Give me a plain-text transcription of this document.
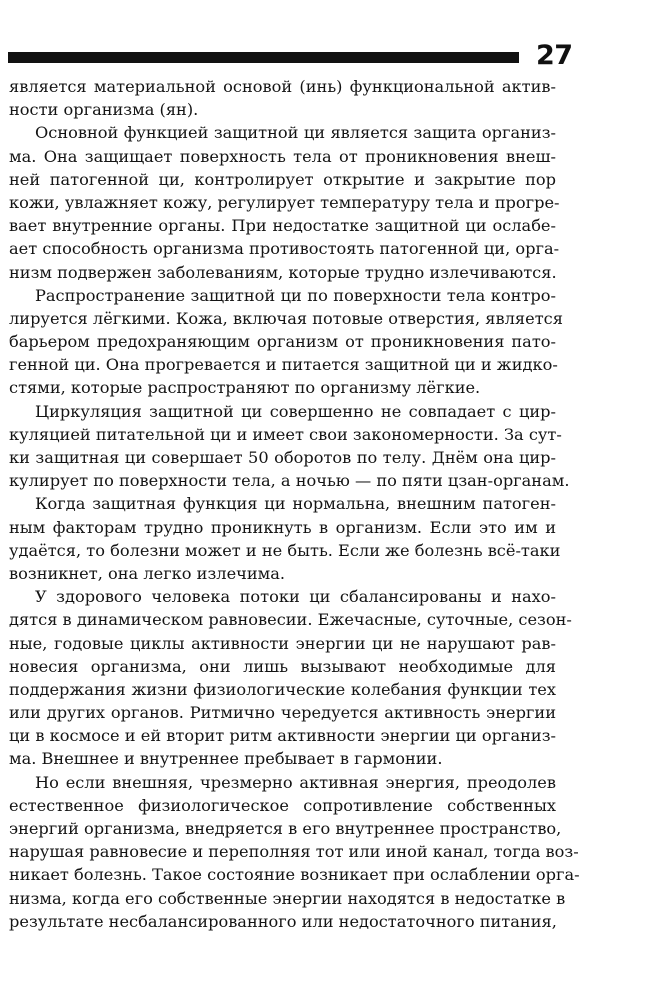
27
является материальной основой (инь) функциональной актив-
ности организма (ян).
Основной функцией защитной ци является защита организ-
ма. Она защищает поверхность тела от проникновения внеш-
ней патогенной ци, контролирует открытие и закрытие пор
кожи, увлажняет кожу, регулирует температуру тела и прогре-
вает внутренние органы. При недостатке защитной ци ослабе-
ает способность организма противостоять патогенной ци, орга-
низм подвержен заболеваниям, которые трудно излечиваются.
Распространение защитной ци по поверхности тела контро-
лируется лёгкими. Кожа, включая потовые отверстия, является
барьером предохраняющим организм от проникновения пато-
генной ци. Она прогревается и питается защитной ци и жидко-
стями, которые распространяют по организму лёгкие.
Циркуляция защитной ци совершенно не совпадает с цир-
куляцией питательной ци и имеет свои закономерности. За сут-
ки защитная ци совершает 50 оборотов по телу. Днём она цир-
кулирует по поверхности тела, а ночью — по пяти цзан-органам.
Когда защитная функция ци нормальна, внешним патоген-
ным факторам трудно проникнуть в организм. Если это им и
удаётся, то болезни может и не быть. Если же болезнь всё-таки
возникнет, она легко излечима.
У здорового человека потоки ци сбалансированы и нахо-
дятся в динамическом равновесии. Ежечасные, суточные, сезон-
ные, годовые циклы активности энергии ци не нарушают рав-
новесия организма, они лишь вызывают необходимые для
поддержания жизни физиологические колебания функции тех
или других органов. Ритмично чередуется активность энергии
ци в космосе и ей вторит ритм активности энергии ци организ-
ма. Внешнее и внутреннее пребывает в гармонии.
Но если внешняя, чрезмерно активная энергия, преодолев
естественное физиологическое сопротивление собственных
энергий организма, внедряется в его внутреннее пространство,
нарушая равновесие и переполняя тот или иной канал, тогда воз-
никает болезнь. Такое состояние возникает при ослаблении орга-
низма, когда его собственные энергии находятся в недостатке в
результате несбалансированного или недостаточного питания,
